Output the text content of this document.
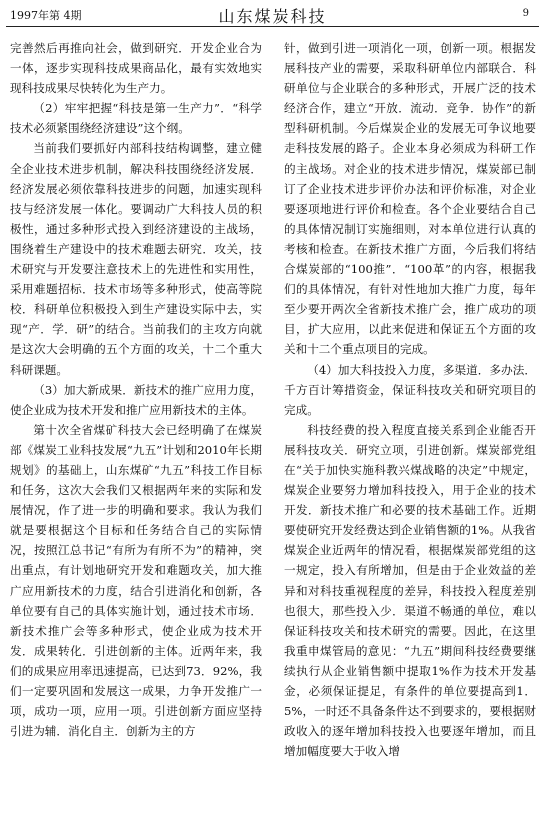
1997年第 4期	山东煤炭科技	9

完善然后再推向社会，做到研究．开发企业合为一体，逐步实现科技成果商品化，最有实效地实现科技成果尽快转化为生产力。

（2）牢牢把握“科技是第一生产力”．“科学技术必须紧围绕经济建设”这个纲。

当前我们要抓好内部科技结构调整，建立健全企业技术进步机制，解决科技围绕经济发展．经济发展必须依靠科技进步的问题，加速实现科技与经济发展一体化。要调动广大科技人员的积极性，通过多种形式投入到经济建设的主战场，围绕着生产建设中的技术难题去研究．攻关，技术研究与开发要注意技术上的先进性和实用性，采用难题招标．技术市场等多种形式，使高等院校．科研单位积极投入到生产建设实际中去，实现“产．学．研”的结合。当前我们的主攻方向就是这次大会明确的五个方面的攻关，十二个重大科研课题。

（3）加大新成果．新技术的推广应用力度，使企业成为技术开发和推广应用新技术的主体。

第十次全省煤矿科技大会已经明确了在煤炭部《煤炭工业科技发展“九五”计划和2010年长期规划》的基础上，山东煤矿“九五”科技工作目标和任务，这次大会我们又根据两年来的实际和发展情况，作了进一步的明确和要求。我认为我们就是要根据这个目标和任务结合自己的实际情况，按照江总书记“有所为有所不为”的精神，突出重点，有计划地研究开发和难题攻关，加大推广应用新技术的力度，结合引进消化和创新，各单位要有自己的具体实施计划，通过技术市场．新技术推广会等多种形式，使企业成为技术开发．成果转化．引进创新的主体。近两年来，我们的成果应用率迅速提高，已达到73．92%，我们一定要巩固和发展这一成果，力争开发推广一项，成功一项，应用一项。引进创新方面应坚持引进为辅．消化自主．创新为主的方

针，做到引进一项消化一项，创新一项。根据发展科技产业的需要，采取科研单位内部联合．科研单位与企业联合的多种形式，开展广泛的技术经济合作，建立“开放．流动．竞争．协作”的新型科研机制。今后煤炭企业的发展无可争议地要走科技发展的路子。企业本身必须成为科研工作的主战场。对企业的技术进步情况，煤炭部已制订了企业技术进步评价办法和评价标准，对企业要逐项地进行评价和检查。各个企业要结合自己的具体情况制订实施细则，对本单位进行认真的考核和检查。在新技术推广方面，今后我们将结合煤炭部的“100推”．“100革”的内容，根据我们的具体情况，有针对性地加大推广力度，每年至少要开两次全省新技术推广会，推广成功的项目，扩大应用，以此来促进和保证五个方面的攻关和十二个重点项目的完成。

（4）加大科技投入力度，多渠道．多办法．千方百计筹措资金，保证科技攻关和研究项目的完成。

科技经费的投入程度直接关系到企业能否开展科技攻关．研究立项，引进创新。煤炭部党组在“关于加快实施科教兴煤战略的决定”中规定，煤炭企业要努力增加科技投入，用于企业的技术开发．新技术推广和必要的技术基础工作。近期要使研究开发经费达到企业销售额的1%。从我省煤炭企业近两年的情况看，根据煤炭部党组的这一规定，投入有所增加，但是由于企业效益的差异和对科技重视程度的差异，科技投入程度差别也很大，那些投入少．渠道不畅通的单位，难以保证科技攻关和技术研究的需要。因此，在这里我重申煤管局的意见：“九五”期间科技经费要继续执行从企业销售额中提取1%作为技术开发基金，必须保证提足，有条件的单位要提高到1．5%，一时还不具备条件达不到要求的，要根据财政收入的逐年增加科技投入也要逐年增加，而且增加幅度要大于收入增
